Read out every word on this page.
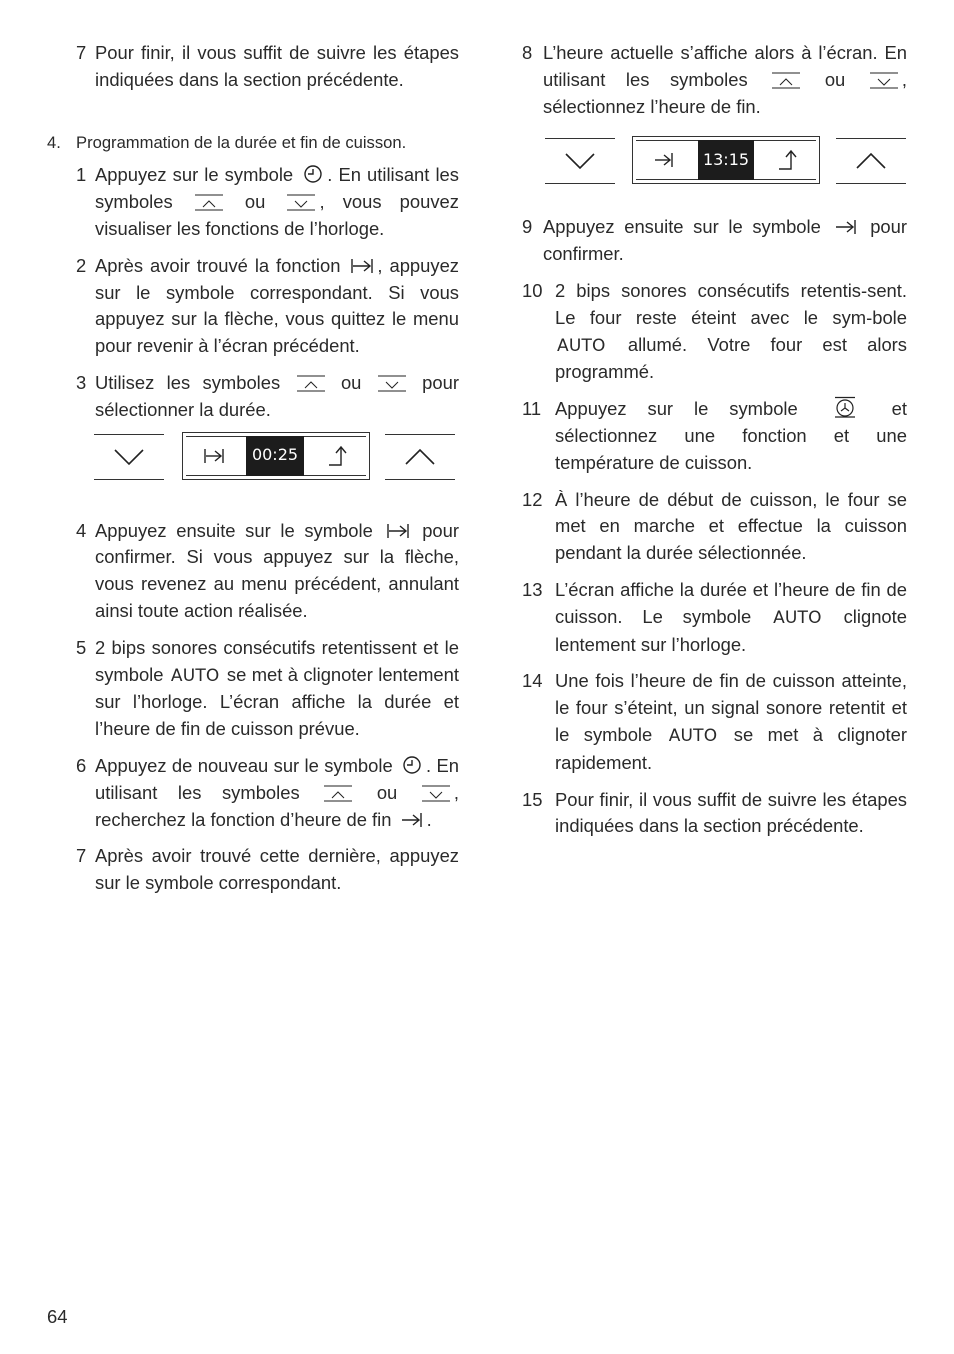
7 Pour finir, il vous suffit de suivre les étapes indiquées dans la section précédente.
4. Programmation de la durée et fin de cuisson.
1 Appuyez sur le symbole . En utilisant les symboles	ou	, vous pouvez visualiser les fonctions de l’horloge.
2 Après avoir trouvé la fonction , appuyez sur le symbole correspondant. Si vous appuyez sur la flèche, vous quittez le menu pour revenir à l’écran précédent.
3 Utilisez les symboles	ou	pour sélectionner la durée.
00:25
4 Appuyez ensuite sur le symbole	pour confirmer. Si vous appuyez sur la flèche, vous revenez au menu précédent, annulant ainsi toute action réalisée.
5 2 bips sonores consécutifs retentissent et le symbole AUTO se met à clignoter lentement sur l’horloge. L’écran affiche la durée et l’heure de fin de cuisson prévue.
6 Appuyez de nouveau sur le symbole . En utilisant les symboles	ou	, recherchez la fonction d’heure de fin .
7 Après avoir trouvé cette dernière, appuyez sur le symbole correspondant.
8 L’heure actuelle s’affiche alors à l’écran. En utilisant les symboles	ou	, sélectionnez l’heure de fin.
13:15
9 Appuyez ensuite sur le symbole	pour confirmer.
10 2 bips sonores consécutifs retentis-sent. Le four reste éteint avec le sym-bole AUTO allumé. Votre four est alors programmé.
11 Appuyez sur le symbole	et sélectionnez une fonction et une température de cuisson.
12 À l’heure de début de cuisson, le four se met en marche et effectue la cuisson pendant la durée sélectionnée.
13 L’écran affiche la durée et l’heure de fin de cuisson. Le symbole AUTO clignote lentement sur l’horloge.
14 Une fois l’heure de fin de cuisson atteinte, le four s’éteint, un signal sonore retentit et le symbole AUTO se met à clignoter rapidement.
15 Pour finir, il vous suffit de suivre les étapes indiquées dans la section précédente.
64
